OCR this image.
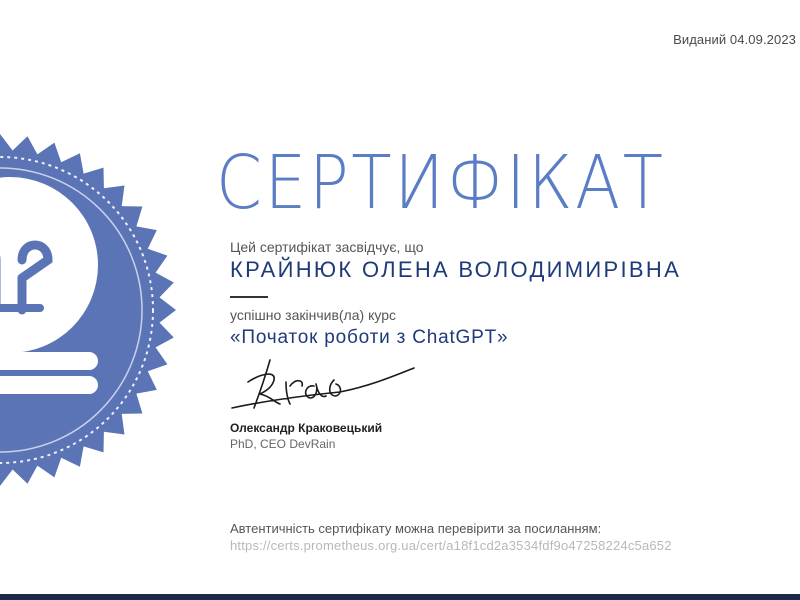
Виданий 04.09.2023
СЕРТИФІКАТ
Цей сертифікат засвідчує, що
КРАЙНЮК ОЛЕНА ВОЛОДИМИРІВНА
успішно закінчив(ла) курс
«Початок роботи з ChatGPT»
Олександр Краковецький
PhD, CEO DevRain
Автентичність сертифікату можна перевірити за посиланням:
https://certs.prometheus.org.ua/cert/a18f1cd2a3534fdf9o47258224c5a652
